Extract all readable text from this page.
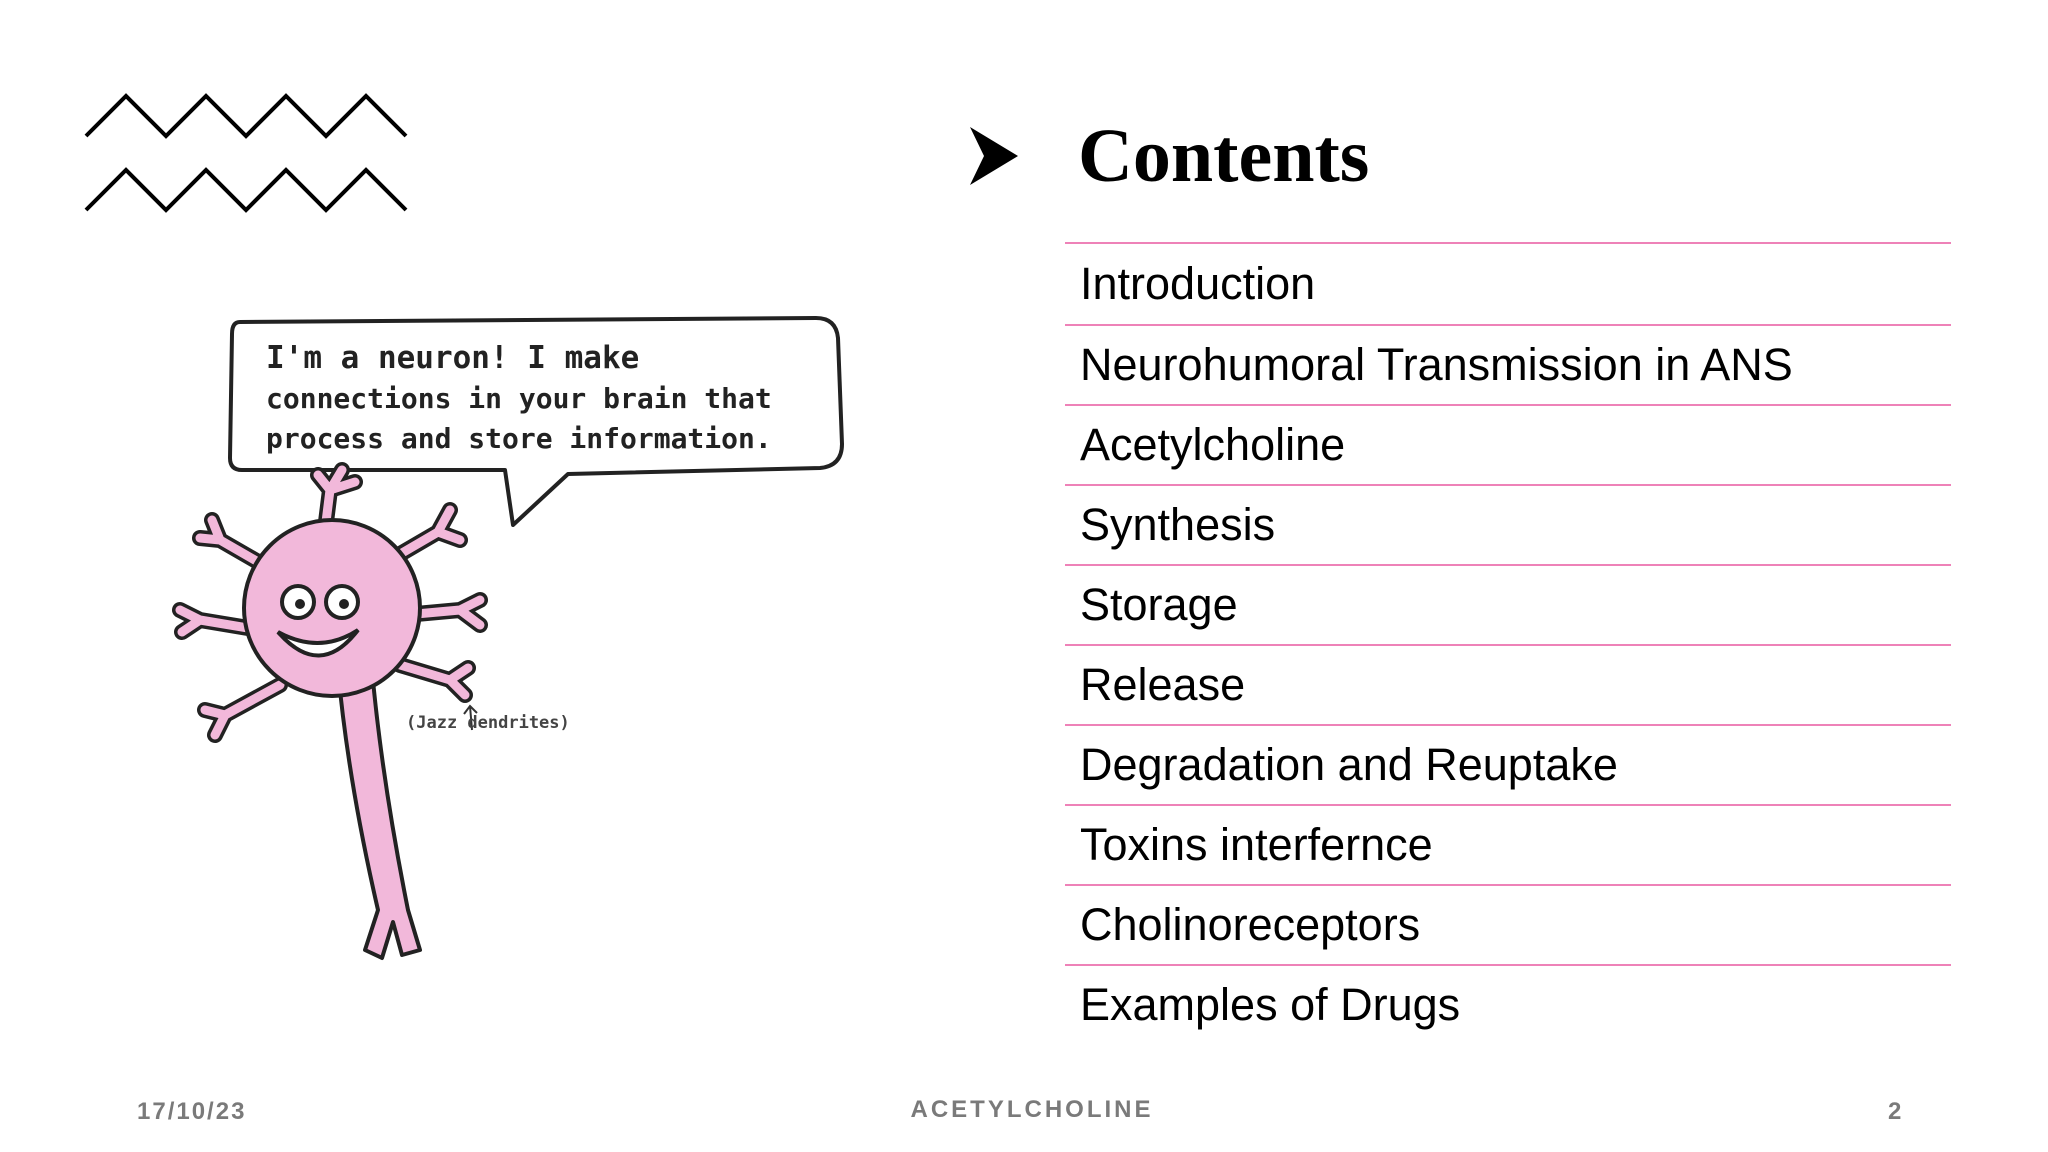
I'm a neuron! I make
connections in your brain that
process and store information.
(Jazz dendrites)
Contents
Introduction
Neurohumoral Transmission in ANS
Acetylcholine
Synthesis
Storage
Release
Degradation and Reuptake
Toxins interfernce
Cholinoreceptors
Examples of Drugs
17/10/23	ACETYLCHOLINE	2
